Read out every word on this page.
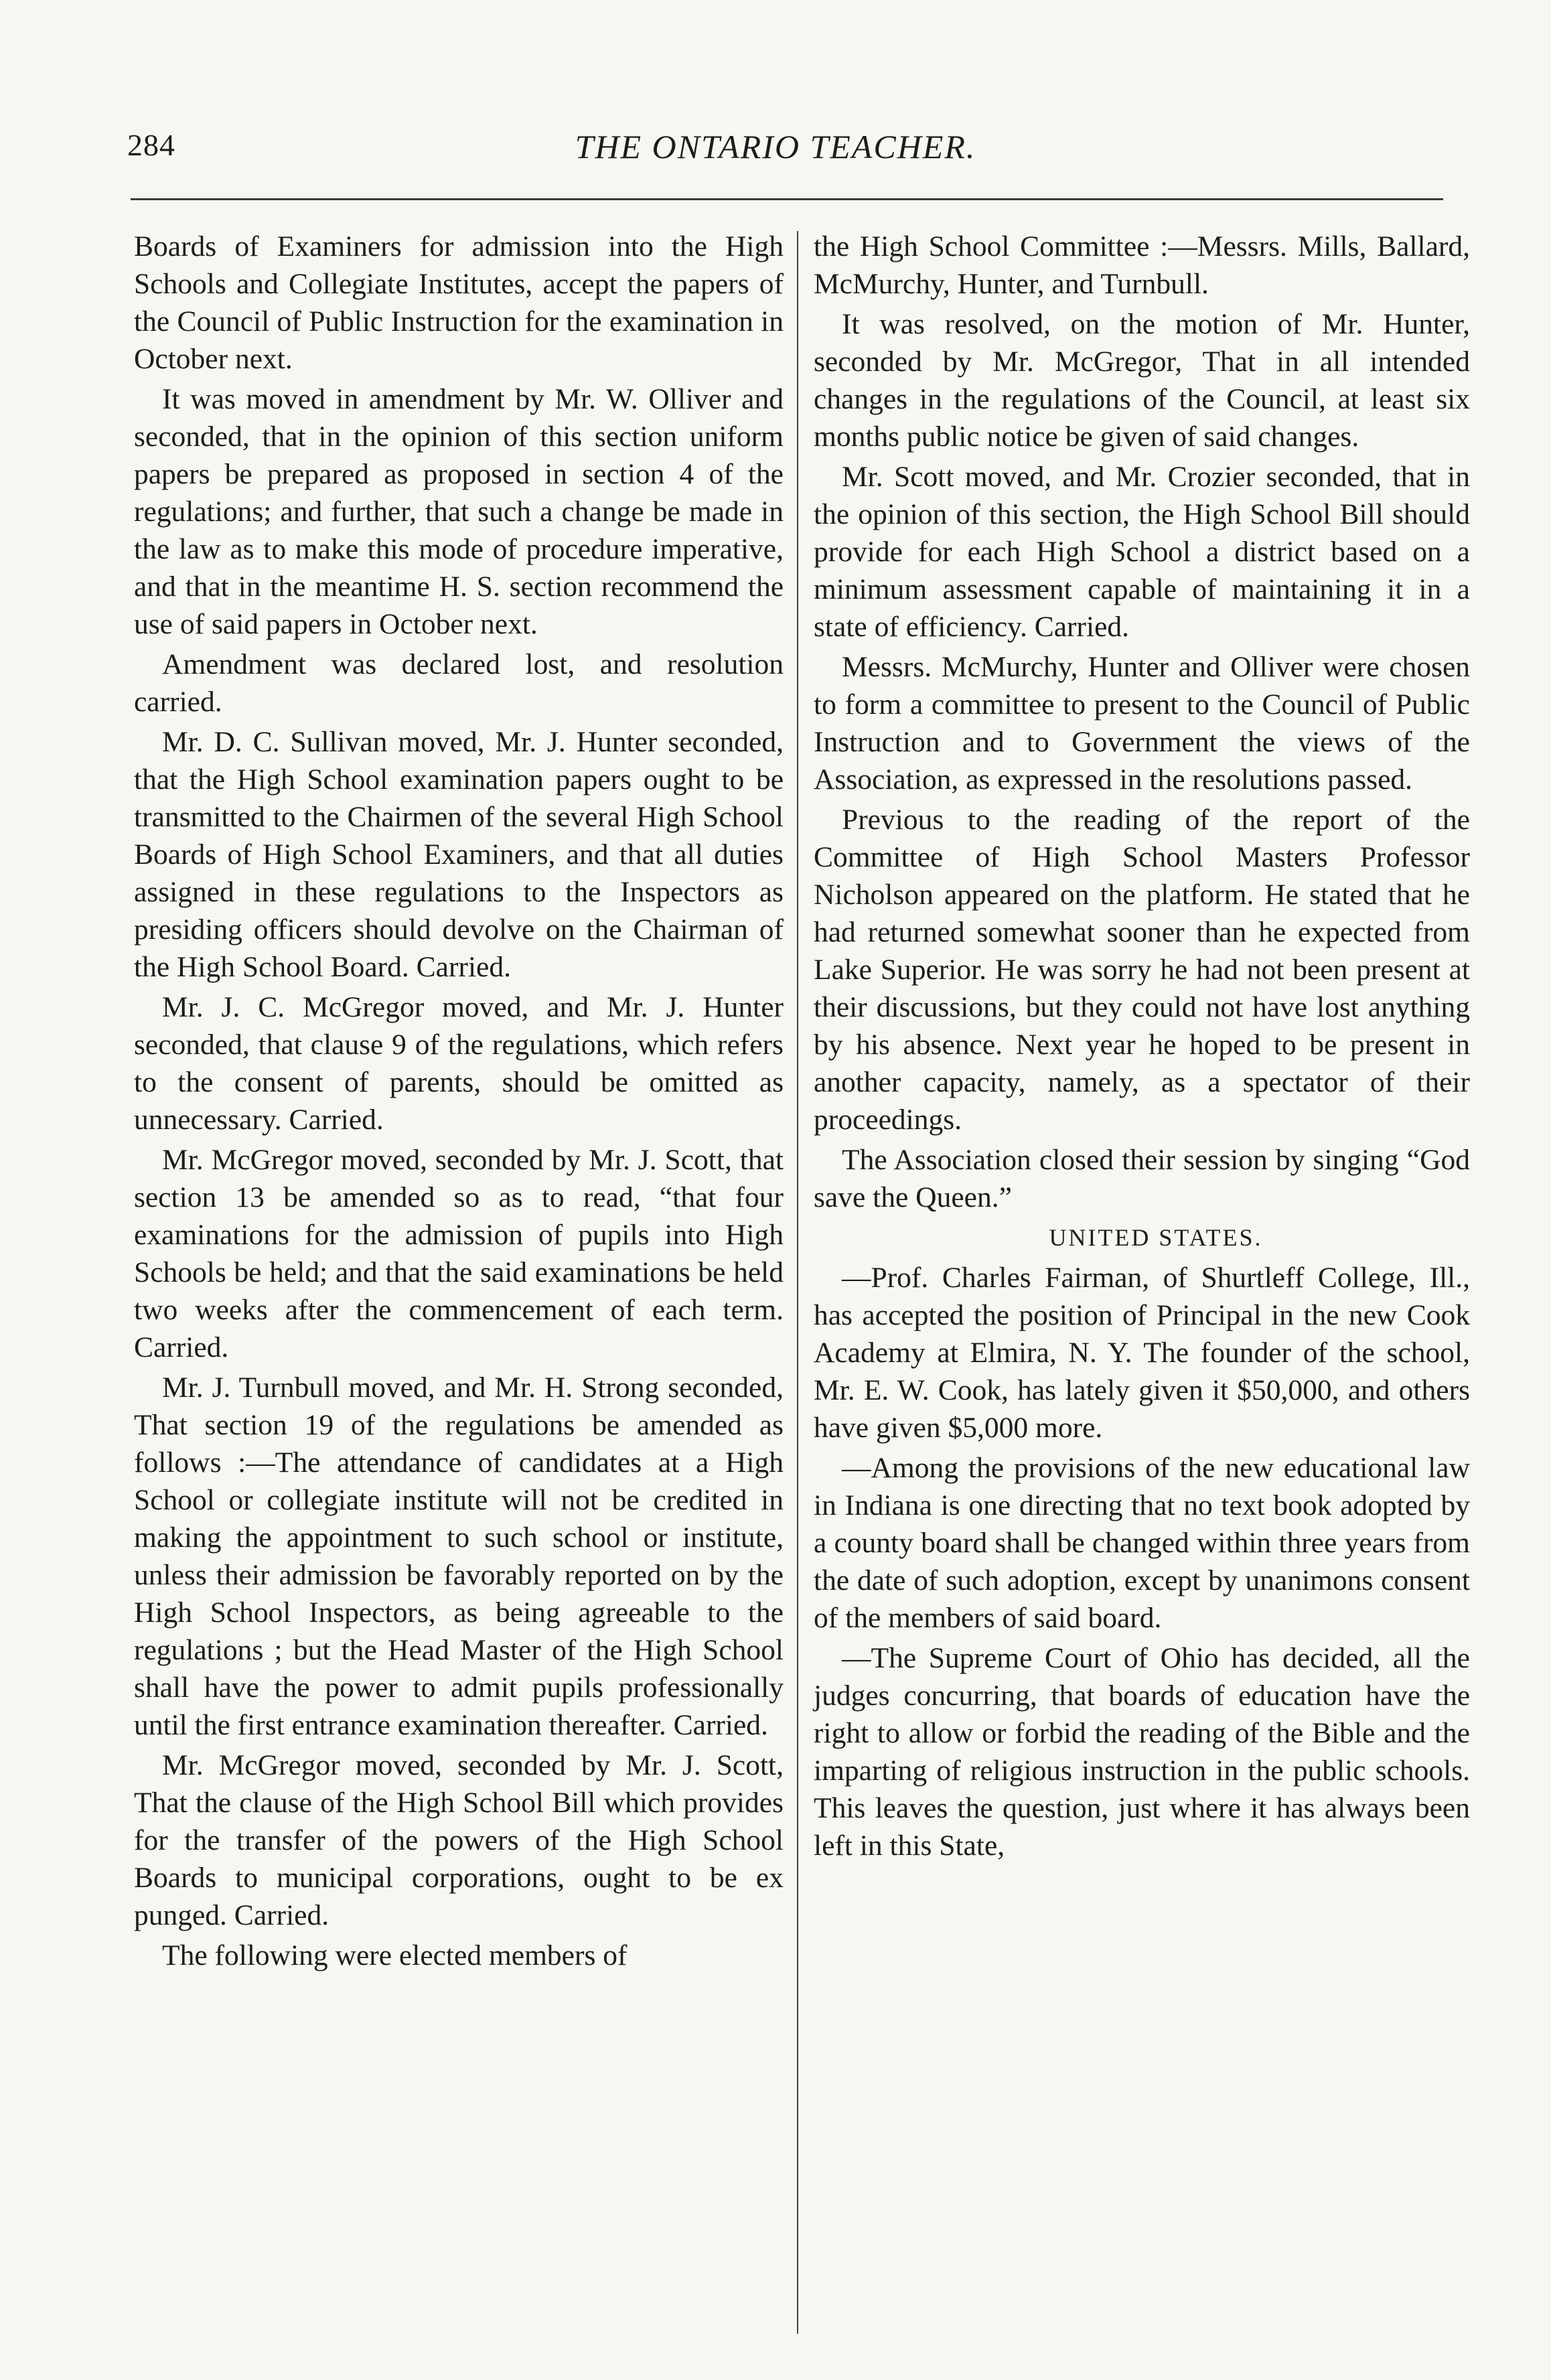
284	THE ONTARIO TEACHER.

Boards of Examiners for admission into the High Schools and Collegiate Institutes, accept the papers of the Council of Public Instruction for the examination in October next.

It was moved in amendment by Mr. W. Olliver and seconded, that in the opinion of this section uniform papers be prepared as proposed in section 4 of the regulations; and further, that such a change be made in the law as to make this mode of procedure imperative, and that in the meantime H. S. section recommend the use of said papers in October next.

Amendment was declared lost, and resolution carried.

Mr. D. C. Sullivan moved, Mr. J. Hunter seconded, that the High School examination papers ought to be transmitted to the Chairmen of the several High School Boards of High School Examiners, and that all duties assigned in these regulations to the Inspectors as presiding officers should devolve on the Chairman of the High School Board. Carried.

Mr. J. C. McGregor moved, and Mr. J. Hunter seconded, that clause 9 of the regulations, which refers to the consent of parents, should be omitted as unnecessary. Carried.

Mr. McGregor moved, seconded by Mr. J. Scott, that section 13 be amended so as to read, “that four examinations for the admission of pupils into High Schools be held; and that the said examinations be held two weeks after the commencement of each term. Carried.

Mr. J. Turnbull moved, and Mr. H. Strong seconded, That section 19 of the regulations be amended as follows :—The attendance of candidates at a High School or collegiate institute will not be credited in making the appointment to such school or institute, unless their admission be favorably reported on by the High School Inspectors, as being agreeable to the regulations ; but the Head Master of the High School shall have the power to admit pupils professionally until the first entrance examination thereafter. Carried.

Mr. McGregor moved, seconded by Mr. J. Scott, That the clause of the High School Bill which provides for the transfer of the powers of the High School Boards to municipal corporations, ought to be ex punged. Carried.

The following were elected members of

the High School Committee :—Messrs. Mills, Ballard, McMurchy, Hunter, and Turnbull.

It was resolved, on the motion of Mr. Hunter, seconded by Mr. McGregor, That in all intended changes in the regulations of the Council, at least six months public notice be given of said changes.

Mr. Scott moved, and Mr. Crozier seconded, that in the opinion of this section, the High School Bill should provide for each High School a district based on a minimum assessment capable of maintaining it in a state of efficiency. Carried.

Messrs. McMurchy, Hunter and Olliver were chosen to form a committee to present to the Council of Public Instruction and to Government the views of the Association, as expressed in the resolutions passed.

Previous to the reading of the report of the Committee of High School Masters Professor Nicholson appeared on the platform. He stated that he had returned somewhat sooner than he expected from Lake Superior. He was sorry he had not been present at their discussions, but they could not have lost anything by his absence. Next year he hoped to be present in another capacity, namely, as a spectator of their proceedings.

The Association closed their session by singing “God save the Queen.”

UNITED STATES.

—Prof. Charles Fairman, of Shurtleff College, Ill., has accepted the position of Principal in the new Cook Academy at Elmira, N. Y. The founder of the school, Mr. E. W. Cook, has lately given it $50,000, and others have given $5,000 more.

—Among the provisions of the new educational law in Indiana is one directing that no text book adopted by a county board shall be changed within three years from the date of such adoption, except by unanimons consent of the members of said board.

—The Supreme Court of Ohio has decided, all the judges concurring, that boards of education have the right to allow or forbid the reading of the Bible and the imparting of religious instruction in the public schools. This leaves the question, just where it has always been left in this State,
